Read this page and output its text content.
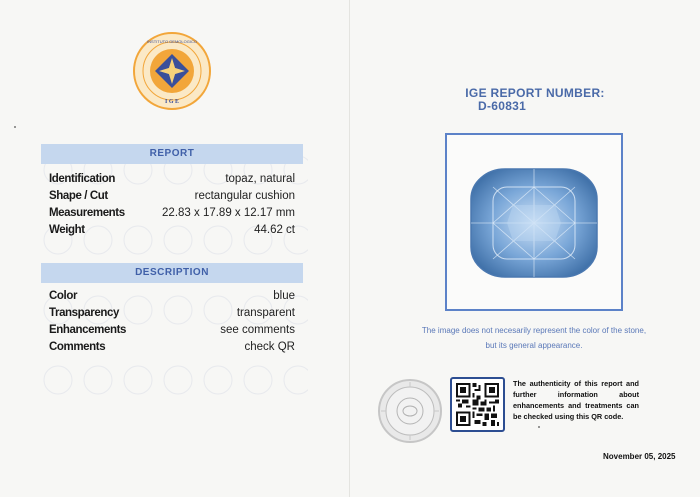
I G E
INSTITUTO GEMOLOGICO
REPORT
Identification	topaz, natural
Shape / Cut	rectangular cushion
Measurements	22.83 x 17.89 x 12.17 mm
Weight	44.62 ct
DESCRIPTION
Color	blue
Transparency	transparent
Enhancements	see comments
Comments	check QR
IGE REPORT NUMBER:
D-60831
The image does not necesarily represent the color of the stone, but its general appearance.
The authenticity of this report and further information about enhancements and treatments can be checked using this QR code.
November 05, 2025
